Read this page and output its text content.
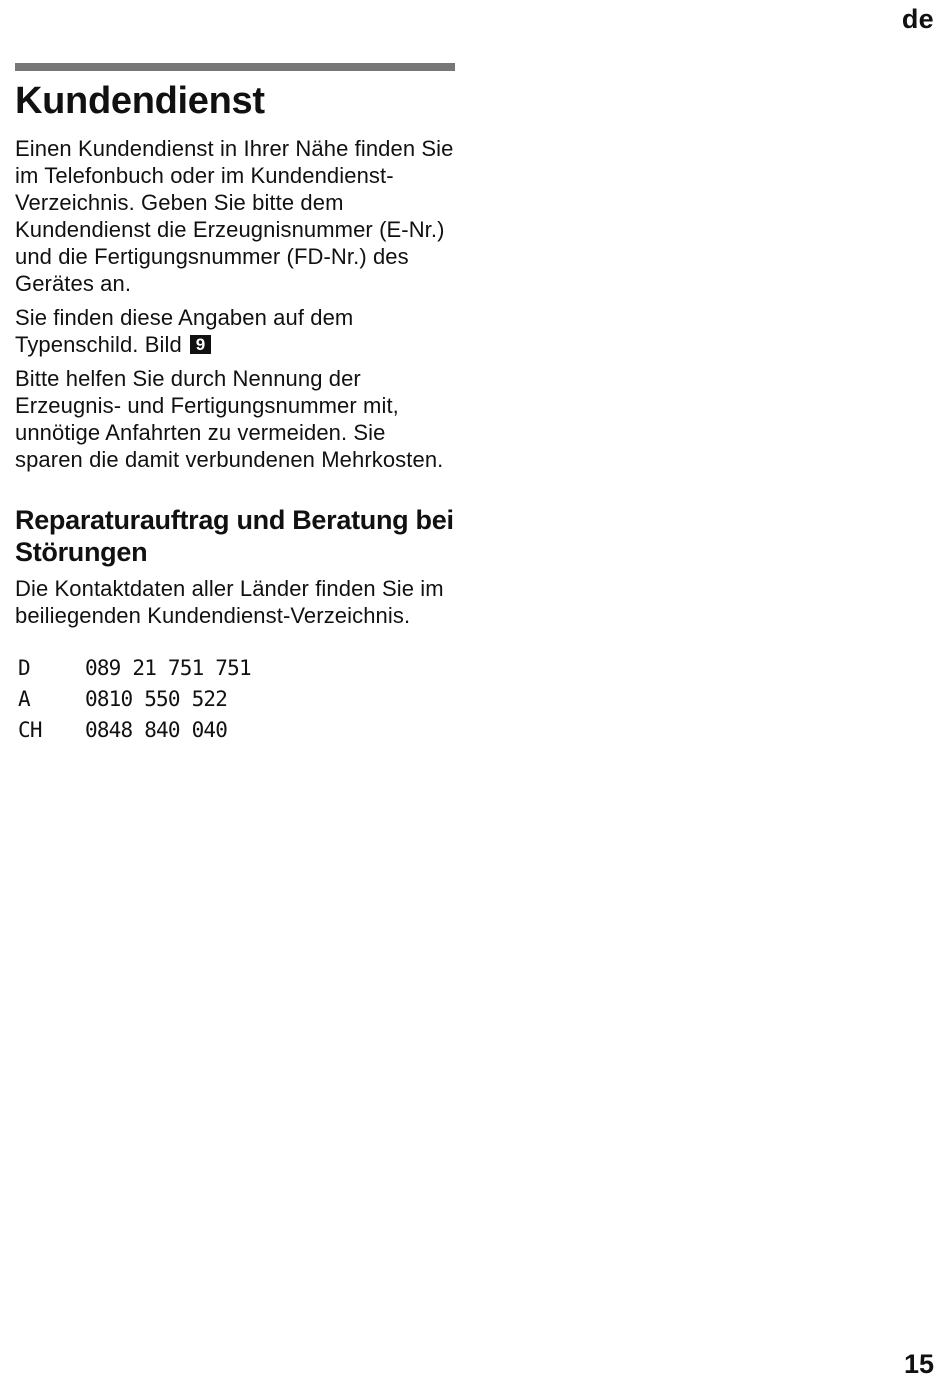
de
Kundendienst

Einen Kundendienst in Ihrer Nähe finden Sie im Telefonbuch oder im Kundendienst-Verzeichnis. Geben Sie bitte dem Kundendienst die Erzeugnisnummer (E-Nr.) und die Fertigungsnummer (FD-Nr.) des Gerätes an.

Sie finden diese Angaben auf dem Typenschild. Bild 9

Bitte helfen Sie durch Nennung der Erzeugnis- und Fertigungsnummer mit, unnötige Anfahrten zu vermeiden. Sie sparen die damit verbundenen Mehrkosten.

Reparaturauftrag und Beratung bei Störungen

Die Kontaktdaten aller Länder finden Sie im beiliegenden Kundendienst-Verzeichnis.

D	089 21 751 751
A	0810 550 522
CH	0848 840 040
15
